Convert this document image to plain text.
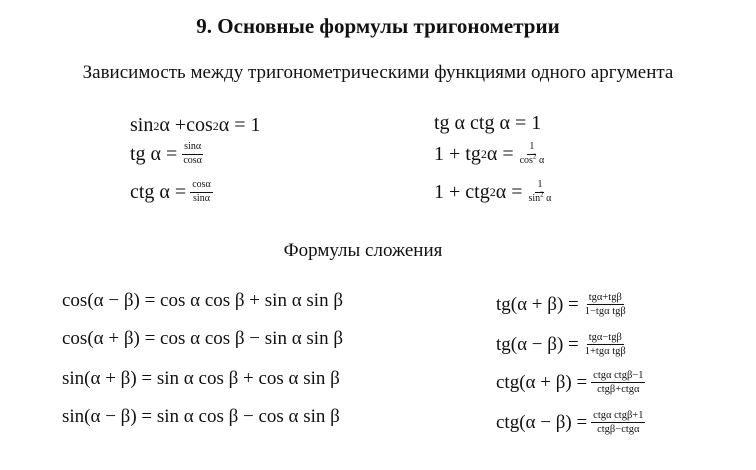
9. Основные формулы тригонометрии
Зависимость между тригонометрическими функциями одного аргумента
sin 2 α + cos 2 α = 1
tg $\alpha = \frac{\sin\alpha}{\cos\alpha}$
ctg $\alpha = \frac{\cos\alpha}{\sin\alpha}$
tg α ctg α = 1
1 + tg 2 $\alpha = \frac{1}{\cos^2 \alpha}$
1 + ctg 2 $\alpha = \frac{1}{\sin^2 \alpha}$
Формулы сложения
cos(α − β) = cos α cos β + sin α sin β
cos(α + β) = cos α cos β − sin α sin β
sin(α + β) = sin α cos β + cos α sin β
sin(α − β) = sin α cos β − cos α sin β
$tg(\alpha + \beta) = \frac{\text{tgα+tgβ}}{\text{1−tgα tgβ}}$
$tg(\alpha - \beta) = \frac{\text{tgα−tgβ}}{\text{1+tgα tgβ}}$
$ctg(\alpha + \beta) = \frac{\text{ctgα ctgβ−1}}{\text{ctgβ+ctgα}}$
$ctg(\alpha - \beta) = \frac{\text{ctgα ctgβ+1}}{\text{ctgβ−ctgα}}$
